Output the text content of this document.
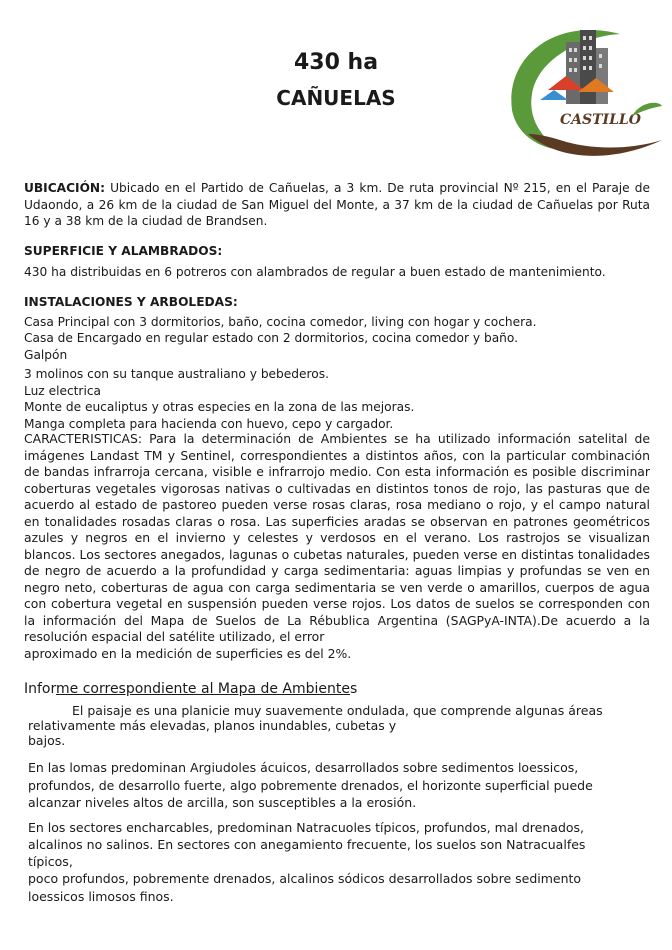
430 ha
CAÑUELAS
CASTILLO

UBICACIÓN: Ubicado en el Partido de Cañuelas, a 3 km. De ruta provincial Nº 215, en el Paraje de Udaondo, a 26 km de la ciudad de San Miguel del Monte, a 37 km de la ciudad de Cañuelas por Ruta 16 y a 38 km de la ciudad de Brandsen.

SUPERFICIE Y ALAMBRADOS:
430 ha distribuidas en 6 potreros con alambrados de regular a buen estado de mantenimiento.
INSTALACIONES Y ARBOLEDAS:
Casa Principal con 3 dormitorios, baño, cocina comedor, living con hogar y cochera.
Casa de Encargado en regular estado con 2 dormitorios, cocina comedor y baño.
Galpón
3 molinos con su tanque australiano y bebederos.
Luz electrica
Monte de eucaliptus y otras especies en la zona de las mejoras.
Manga completa para hacienda con huevo, cepo y cargador.

CARACTERISTICAS: Para la determinación de Ambientes se ha utilizado información satelital de imágenes Landast TM y Sentinel, correspondientes a distintos años, con la particular combinación de bandas infrarroja cercana, visible e infrarrojo medio. Con esta información es posible discriminar coberturas vegetales vigorosas nativas o cultivadas en distintos tonos de rojo, las pasturas que de acuerdo al estado de pastoreo pueden verse rosas claras, rosa mediano o rojo, y el campo natural en tonalidades rosadas claras o rosa. Las superficies aradas se observan en patrones geométricos azules y negros en el invierno y celestes y verdosos en el verano. Los rastrojos se visualizan blancos. Los sectores anegados, lagunas o cubetas naturales, pueden verse en distintas tonalidades de negro de acuerdo a la profundidad y carga sedimentaria: aguas limpias y profundas se ven en negro neto, coberturas de agua con carga sedimentaria se ven verde o amarillos, cuerpos de agua con cobertura vegetal en suspensión pueden verse rojos. Los datos de suelos se corresponden con la información del Mapa de Suelos de La Rébublica Argentina (SAGPyA-INTA).De acuerdo a la resolución espacial del satélite utilizado, el error

aproximado en la medición de superficies es del 2%.
Informe correspondiente al Mapa de Ambientes
El paisaje es una planicie muy suavemente ondulada, que comprende algunas áreas
relativamente más elevadas, planos inundables, cubetas y
bajos.
En las lomas predominan Argiudoles ácuicos, desarrollados sobre sedimentos loessicos,
profundos, de desarrollo fuerte, algo pobremente drenados, el horizonte superficial puede
alcanzar niveles altos de arcilla, son susceptibles a la erosión.
En los sectores encharcables, predominan Natracuoles típicos, profundos, mal drenados,
alcalinos no salinos. En sectores con anegamiento frecuente, los suelos son Natracualfes
típicos,
poco profundos, pobremente drenados, alcalinos sódicos desarrollados sobre sedimento
loessicos limosos finos.
